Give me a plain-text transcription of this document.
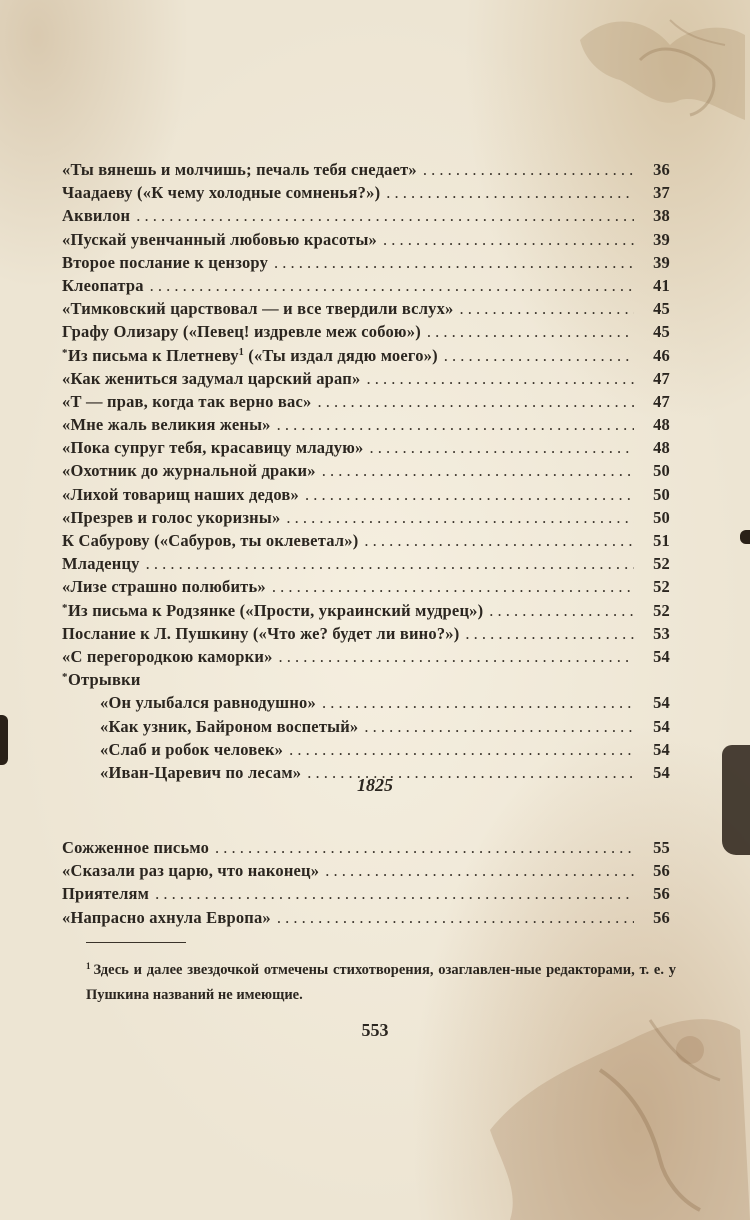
«Ты вянешь и молчишь; печаль тебя снедает» . . .	36
Чаадаеву («К чему холодные сомненья?») . . .	37
Аквилон . . .	38
«Пускай увенчанный любовью красоты» . . .	39
Второе послание к цензору . . .	39
Клеопатра . . .	41
«Тимковский царствовал — и все твердили вслух» . . .	45
Графу Олизару («Певец! издревле меж собою») . . .	45
* Из письма к Плетневу$^1$ («Ты издал дядю моего») . . .	46
«Как жениться задумал царский арап» . . .	47
«Т — прав, когда так верно вас» . . .	47
«Мне жаль великия жены» . . .	48
«Пока супруг тебя, красавицу младую» . . .	48
«Охотник до журнальной драки» . . .	50
«Лихой товарищ наших дедов» . . .	50
«Презрев и голос укоризны» . . .	50
К Сабурову («Сабуров, ты оклеветал») . . .	51
Младенцу . . .	52
«Лизе страшно полюбить» . . .	52
* Из письма к Родзянке («Прости, украинский мудрец») . . .	52
Послание к Л. Пушкину («Что же? будет ли вино?») . . .	53
«С перегородкою каморки» . . .	54
* Отрывки
«Он улыбался равнодушно» . . .	54
«Как узник, Байроном воспетый» . . .	54
«Слаб и робок человек» . . .	54
«Иван-Царевич по лесам» . . .	54
1825
Сожженное письмо . . .	55
«Сказали раз царю, что наконец» . . .	56
Приятелям . . .	56
«Напрасно ахнула Европа» . . .	56
$^1$ Здесь и далее звездочкой отмечены стихотворения, озаглавлен-ные редакторами, т. е. у Пушкина названий не имеющие.
553
